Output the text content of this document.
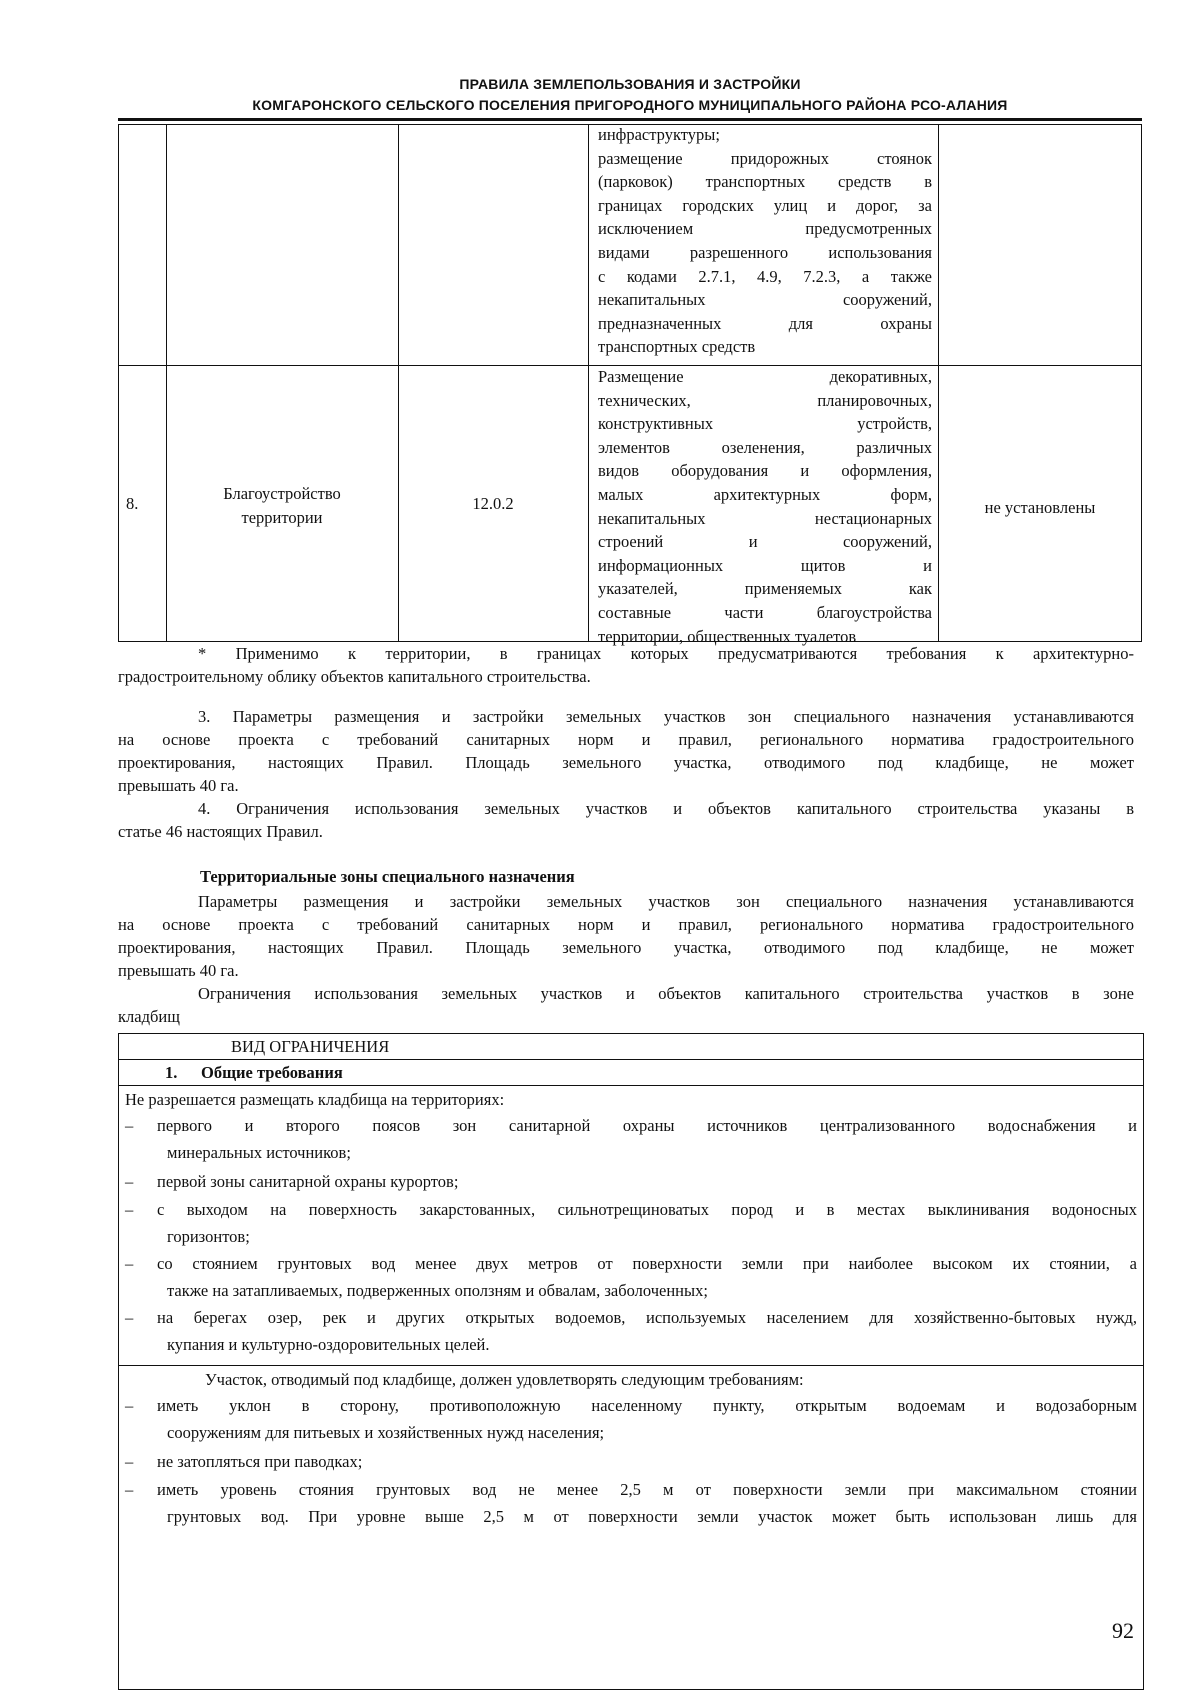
ПРАВИЛА ЗЕМЛЕПОЛЬЗОВАНИЯ И ЗАСТРОЙКИ
КОМГАРОНСКОГО СЕЛЬСКОГО ПОСЕЛЕНИЯ ПРИГОРОДНОГО МУНИЦИПАЛЬНОГО РАЙОНА РСО-АЛАНИЯ
инфраструктуры;
размещение придорожных стоянок
(парковок) транспортных средств в
границах городских улиц и дорог, за
исключением предусмотренных
видами разрешенного использования
с кодами 2.7.1, 4.9, 7.2.3, а также
некапитальных сооружений,
предназначенных для охраны
транспортных средств
8.
Благоустройство
территории
12.0.2
Размещение декоративных,
технических, планировочных,
конструктивных устройств,
элементов озеленения, различных
видов оборудования и оформления,
малых архитектурных форм,
некапитальных нестационарных
строений и сооружений,
информационных щитов и
указателей, применяемых как
составные части благоустройства
территории, общественных туалетов
не установлены
* Применимо к территории, в границах которых предусматриваются требования к архитектурно-
градостроительному облику объектов капитального строительства.
3. Параметры размещения и застройки земельных участков зон специального назначения устанавливаются
на основе проекта с требований санитарных норм и правил, регионального норматива градостроительного
проектирования, настоящих Правил. Площадь земельного участка, отводимого под кладбище, не может
превышать 40 га.
4. Ограничения использования земельных участков и объектов капитального строительства указаны в
статье 46 настоящих Правил.
Территориальные зоны специального назначения
Параметры размещения и застройки земельных участков зон специального назначения устанавливаются
на основе проекта с требований санитарных норм и правил, регионального норматива градостроительного
проектирования, настоящих Правил. Площадь земельного участка, отводимого под кладбище, не может
превышать 40 га.
Ограничения использования земельных участков и объектов капитального строительства участков в зоне
кладбищ
ВИД ОГРАНИЧЕНИЯ
1. Общие требования
Не разрешается размещать кладбища на территориях:
– первого и второго поясов зон санитарной охраны источников централизованного водоснабжения и
минеральных источников;
– первой зоны санитарной охраны курортов;
– с выходом на поверхность закарстованных, сильнотрещиноватых пород и в местах выклинивания водоносных
горизонтов;
– со стоянием грунтовых вод менее двух метров от поверхности земли при наиболее высоком их стоянии, а
также на затапливаемых, подверженных оползням и обвалам, заболоченных;
– на берегах озер, рек и других открытых водоемов, используемых населением для хозяйственно-бытовых нужд,
купания и культурно-оздоровительных целей.
Участок, отводимый под кладбище, должен удовлетворять следующим требованиям:
– иметь уклон в сторону, противоположную населенному пункту, открытым водоемам и водозаборным
сооружениям для питьевых и хозяйственных нужд населения;
– не затопляться при паводках;
– иметь уровень стояния грунтовых вод не менее 2,5 м от поверхности земли при максимальном стоянии
грунтовых вод. При уровне выше 2,5 м от поверхности земли участок может быть использован лишь для
92
